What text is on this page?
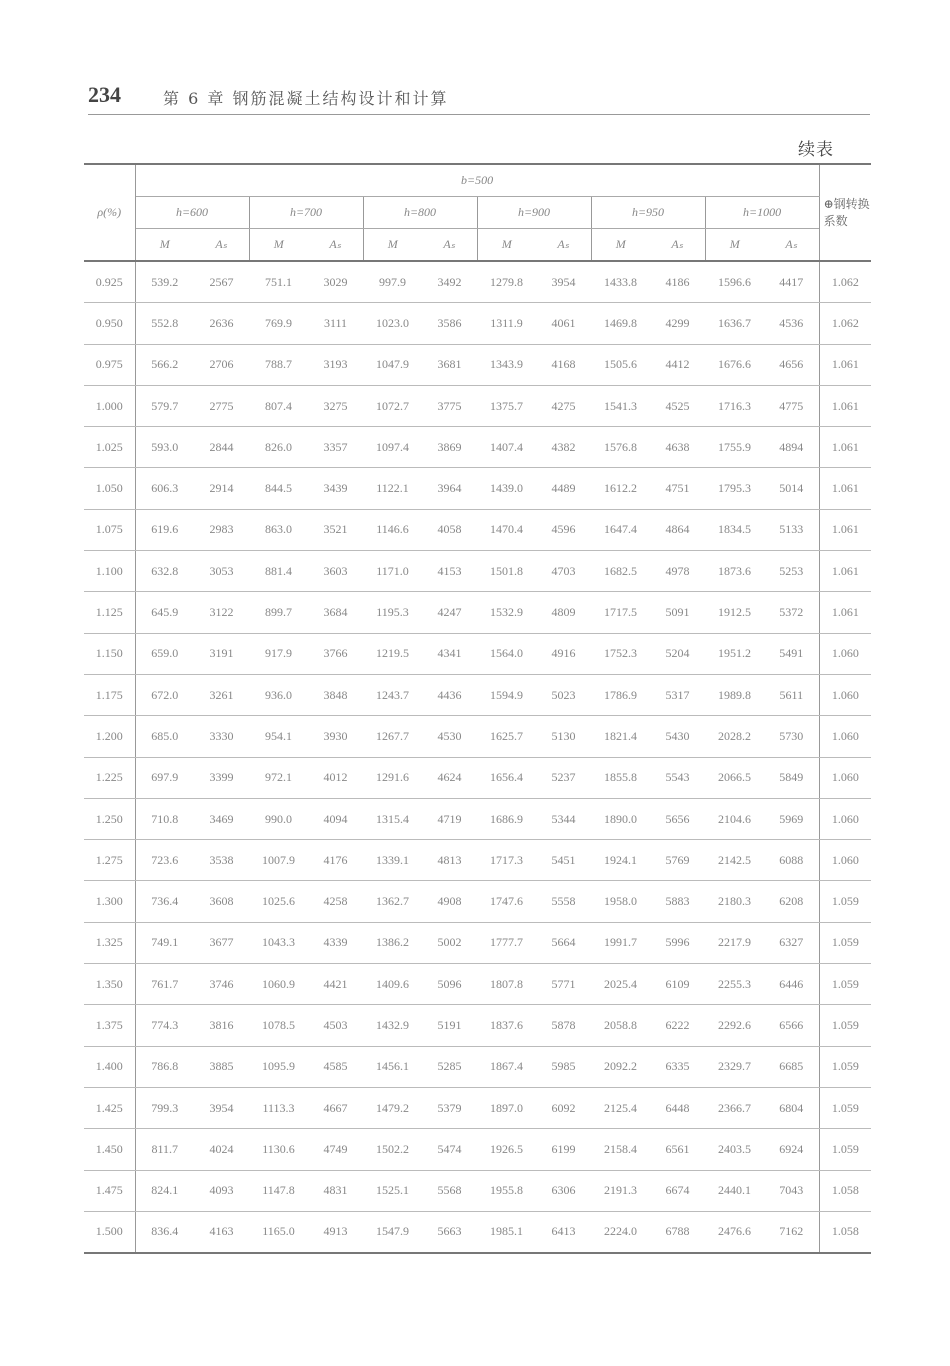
234	第 6 章 钢筋混凝土结构设计和计算
续表
ρ(%)	b=500												⊕钢转换系数
	h=600		h=700		h=800		h=900		h=950		h=1000		
	M	Aₛ	M	Aₛ	M	Aₛ	M	Aₛ	M	Aₛ	M	Aₛ	
0.925	539.2	2567	751.1	3029	997.9	3492	1279.8	3954	1433.8	4186	1596.6	4417	1.062
0.950	552.8	2636	769.9	3111	1023.0	3586	1311.9	4061	1469.8	4299	1636.7	4536	1.062
0.975	566.2	2706	788.7	3193	1047.9	3681	1343.9	4168	1505.6	4412	1676.6	4656	1.061
1.000	579.7	2775	807.4	3275	1072.7	3775	1375.7	4275	1541.3	4525	1716.3	4775	1.061
1.025	593.0	2844	826.0	3357	1097.4	3869	1407.4	4382	1576.8	4638	1755.9	4894	1.061
1.050	606.3	2914	844.5	3439	1122.1	3964	1439.0	4489	1612.2	4751	1795.3	5014	1.061
1.075	619.6	2983	863.0	3521	1146.6	4058	1470.4	4596	1647.4	4864	1834.5	5133	1.061
1.100	632.8	3053	881.4	3603	1171.0	4153	1501.8	4703	1682.5	4978	1873.6	5253	1.061
1.125	645.9	3122	899.7	3684	1195.3	4247	1532.9	4809	1717.5	5091	1912.5	5372	1.061
1.150	659.0	3191	917.9	3766	1219.5	4341	1564.0	4916	1752.3	5204	1951.2	5491	1.060
1.175	672.0	3261	936.0	3848	1243.7	4436	1594.9	5023	1786.9	5317	1989.8	5611	1.060
1.200	685.0	3330	954.1	3930	1267.7	4530	1625.7	5130	1821.4	5430	2028.2	5730	1.060
1.225	697.9	3399	972.1	4012	1291.6	4624	1656.4	5237	1855.8	5543	2066.5	5849	1.060
1.250	710.8	3469	990.0	4094	1315.4	4719	1686.9	5344	1890.0	5656	2104.6	5969	1.060
1.275	723.6	3538	1007.9	4176	1339.1	4813	1717.3	5451	1924.1	5769	2142.5	6088	1.060
1.300	736.4	3608	1025.6	4258	1362.7	4908	1747.6	5558	1958.0	5883	2180.3	6208	1.059
1.325	749.1	3677	1043.3	4339	1386.2	5002	1777.7	5664	1991.7	5996	2217.9	6327	1.059
1.350	761.7	3746	1060.9	4421	1409.6	5096	1807.8	5771	2025.4	6109	2255.3	6446	1.059
1.375	774.3	3816	1078.5	4503	1432.9	5191	1837.6	5878	2058.8	6222	2292.6	6566	1.059
1.400	786.8	3885	1095.9	4585	1456.1	5285	1867.4	5985	2092.2	6335	2329.7	6685	1.059
1.425	799.3	3954	1113.3	4667	1479.2	5379	1897.0	6092	2125.4	6448	2366.7	6804	1.059
1.450	811.7	4024	1130.6	4749	1502.2	5474	1926.5	6199	2158.4	6561	2403.5	6924	1.059
1.475	824.1	4093	1147.8	4831	1525.1	5568	1955.8	6306	2191.3	6674	2440.1	7043	1.058
1.500	836.4	4163	1165.0	4913	1547.9	5663	1985.1	6413	2224.0	6788	2476.6	7162	1.058
